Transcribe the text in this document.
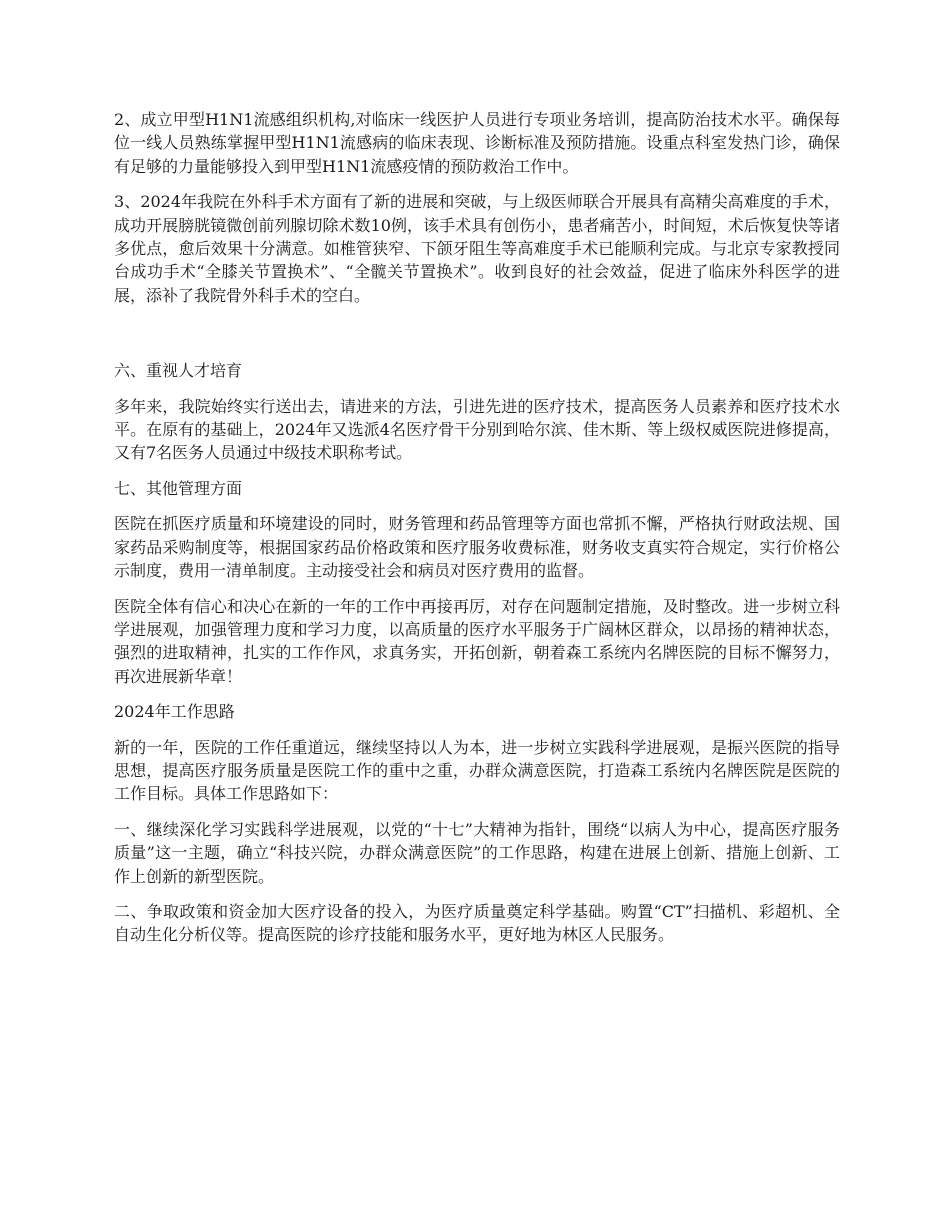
2、成立甲型H1N1流感组织机构,对临床一线医护人员进行专项业务培训，提高防治技术水平。确保每位一线人员熟练掌握甲型H1N1流感病的临床表现、诊断标准及预防措施。设重点科室发热门诊，确保有足够的力量能够投入到甲型H1N1流感疫情的预防救治工作中。

3、2024年我院在外科手术方面有了新的进展和突破，与上级医师联合开展具有高精尖高难度的手术，成功开展膀胱镜微创前列腺切除术数10例，该手术具有创伤小，患者痛苦小，时间短，术后恢复快等诸多优点，愈后效果十分满意。如椎管狭窄、下颌牙阻生等高难度手术已能顺利完成。与北京专家教授同台成功手术“全膝关节置换术”、“全髋关节置换术”。收到良好的社会效益，促进了临床外科医学的进展，添补了我院骨外科手术的空白。

六、重视人才培育

多年来，我院始终实行送出去，请进来的方法，引进先进的医疗技术，提高医务人员素养和医疗技术水平。在原有的基础上，2024年又选派4名医疗骨干分别到哈尔滨、佳木斯、等上级权威医院进修提高，又有7名医务人员通过中级技术职称考试。

七、其他管理方面

医院在抓医疗质量和环境建设的同时，财务管理和药品管理等方面也常抓不懈，严格执行财政法规、国家药品采购制度等，根据国家药品价格政策和医疗服务收费标准，财务收支真实符合规定，实行价格公示制度，费用一清单制度。主动接受社会和病员对医疗费用的监督。

医院全体有信心和决心在新的一年的工作中再接再厉，对存在问题制定措施，及时整改。进一步树立科学进展观，加强管理力度和学习力度，以高质量的医疗水平服务于广阔林区群众，以昂扬的精神状态，强烈的进取精神，扎实的工作作风，求真务实，开拓创新，朝着森工系统内名牌医院的目标不懈努力，再次进展新华章！

2024年工作思路

新的一年，医院的工作任重道远，继续坚持以人为本，进一步树立实践科学进展观，是振兴医院的指导思想，提高医疗服务质量是医院工作的重中之重，办群众满意医院，打造森工系统内名牌医院是医院的工作目标。具体工作思路如下：

一、继续深化学习实践科学进展观，以党的“十七”大精神为指针，围绕“以病人为中心，提高医疗服务质量”这一主题，确立“科技兴院，办群众满意医院”的工作思路，构建在进展上创新、措施上创新、工作上创新的新型医院。

二、争取政策和资金加大医疗设备的投入，为医疗质量奠定科学基础。购置“CT”扫描机、彩超机、全自动生化分析仪等。提高医院的诊疗技能和服务水平，更好地为林区人民服务。
